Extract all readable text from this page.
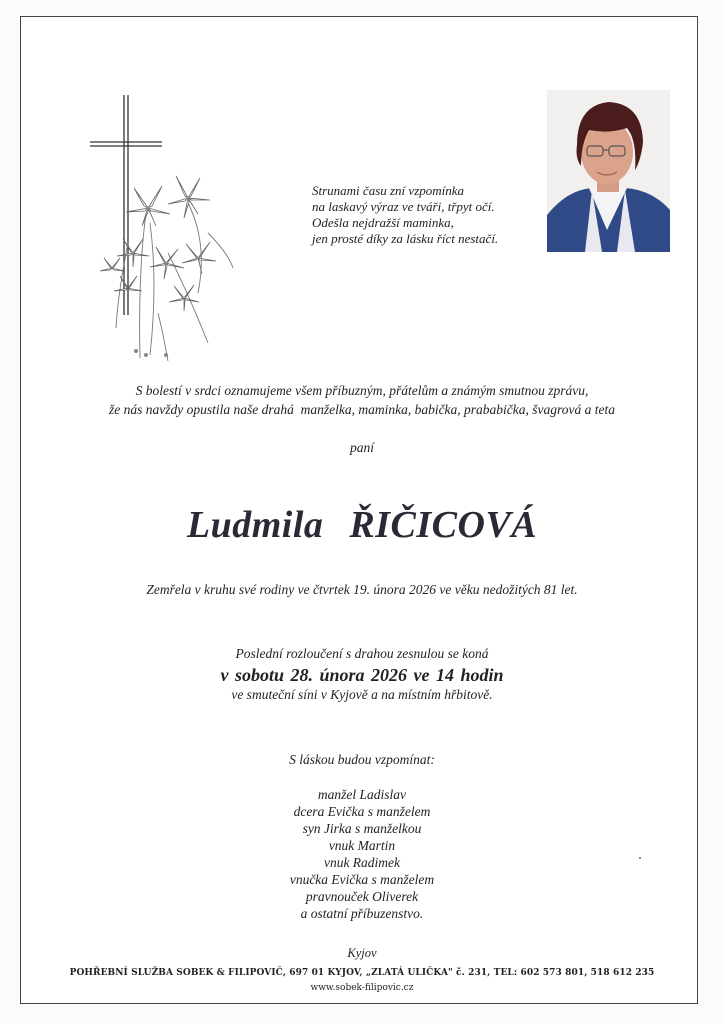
Strunami času zní vzpomínka
na laskavý výraz ve tváři, třpyt očí.
Odešla nejdražší maminka,
jen prosté díky za lásku říct nestačí.
S bolestí v srdci oznamujeme všem příbuzným, přátelům a známým smutnou zprávu,
že nás navždy opustila naše drahá  manželka, maminka, babička, prababička, švagrová a teta
paní
Ludmila ŘIČICOVÁ
Zemřela v kruhu své rodiny ve čtvrtek 19. února 2026 ve věku nedožitých 81 let.
Poslední rozloučení s drahou zesnulou se koná
v sobotu 28. února 2026 ve 14 hodin
ve smuteční síni v Kyjově a na místním hřbitově.
S láskou budou vzpomínat:
manžel Ladislav
dcera Evička s manželem
syn Jirka s manželkou
vnuk Martin
vnuk Radimek
vnučka Evička s manželem
pravnouček Oliverek
a ostatní příbuzenstvo.
Kyjov
POHŘEBNÍ SLUŽBA SOBEK & FILIPOVIČ, 697 01 KYJOV, „ZLATÁ ULIČKA" č. 231, TEL: 602 573 801, 518 612 235
www.sobek-filipovic.cz
